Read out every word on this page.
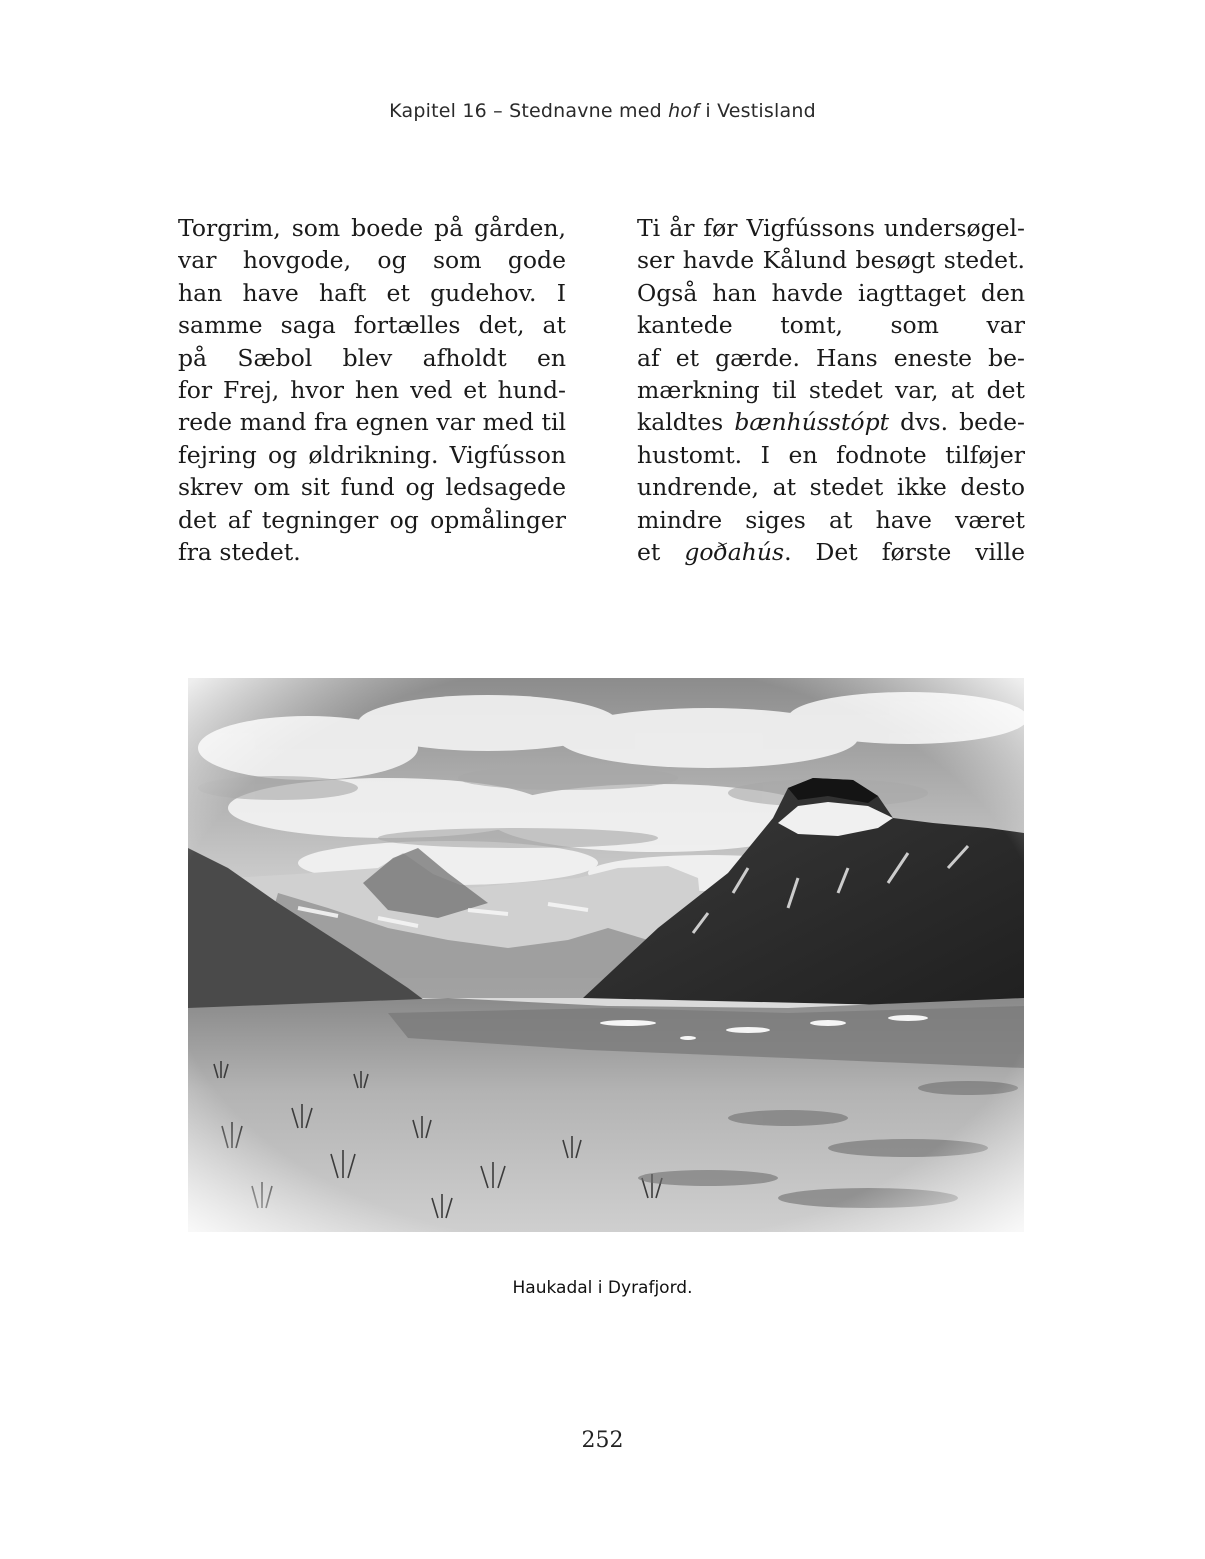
Kapitel 16 – Stednavne med hof i Vestisland
Torgrim, som boede på gården,
var hovgode, og som gode
han have haft et gudehov. I
samme saga fortælles det, at
på Sæbol blev afholdt en
for Frej, hvor hen ved et hund-
rede mand fra egnen var med til
fejring og øldrikning. Vigfússon
skrev om sit fund og ledsagede
det af tegninger og opmålinger
fra stedet.
Ti år før Vigfússons undersøgel-
ser havde Kålund besøgt stedet.
Også han havde iagttaget den
kantede tomt, som var
af et gærde. Hans eneste be-
mærkning til stedet var, at det
kaldtes bænhússtópt dvs. bede-
hustomt. I en fodnote tilføjer
undrende, at stedet ikke desto
mindre siges at have været
et goðahús. Det første ville
Haukadal i Dyrafjord.
252
